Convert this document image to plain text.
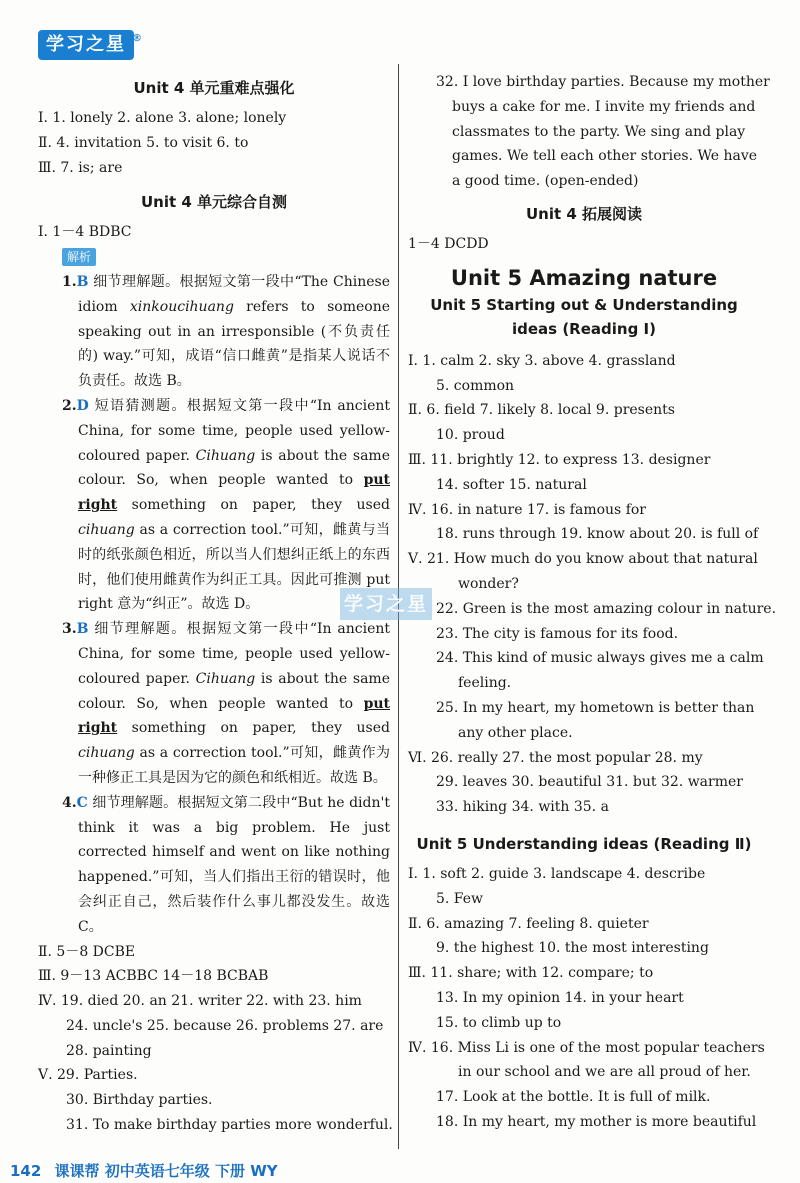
学习之星 ®
Unit 4 单元重难点强化
Ⅰ. 1. lonely 2. alone 3. alone; lonely
Ⅱ. 4. invitation 5. to visit 6. to
Ⅲ. 7. is; are
Unit 4 单元综合自测
Ⅰ. 1－4 BDBC
解析
1.B 细节理解题。根据短文第一段中“The Chinese idiom xinkoucihuang refers to someone speaking out in an irresponsible (不负责任的) way.”可知，成语“信口雌黄”是指某人说话不负责任。故选 B。
2.D 短语猜测题。根据短文第一段中“In ancient China, for some time, people used yellow-coloured paper. Cihuang is about the same colour. So, when people wanted to put right something on paper, they used cihuang as a correction tool.”可知，雌黄与当时的纸张颜色相近，所以当人们想纠正纸上的东西时，他们使用雌黄作为纠正工具。因此可推测 put right 意为“纠正”。故选 D。
3.B 细节理解题。根据短文第一段中“In ancient China, for some time, people used yellow-coloured paper. Cihuang is about the same colour. So, when people wanted to put right something on paper, they used cihuang as a correction tool.”可知，雌黄作为一种修正工具是因为它的颜色和纸相近。故选 B。
4.C 细节理解题。根据短文第二段中“But he didn't think it was a big problem. He just corrected himself and went on like nothing happened.”可知，当人们指出王衍的错误时，他会纠正自己，然后装作什么事儿都没发生。故选 C。
Ⅱ. 5－8 DCBE
Ⅲ. 9－13 ACBBC 14－18 BCBAB
Ⅳ. 19. died 20. an 21. writer 22. with 23. him
24. uncle's 25. because 26. problems 27. are
28. painting
Ⅴ. 29. Parties.
30. Birthday parties.
31. To make birthday parties more wonderful.
32. I love birthday parties. Because my mother
buys a cake for me. I invite my friends and
classmates to the party. We sing and play
games. We tell each other stories. We have
a good time. (open-ended)
Unit 4 拓展阅读
1－4 DCDD
Unit 5 Amazing nature
Unit 5 Starting out & Understanding
ideas (Reading Ⅰ)
Ⅰ. 1. calm 2. sky 3. above 4. grassland
5. common
Ⅱ. 6. field 7. likely 8. local 9. presents
10. proud
Ⅲ. 11. brightly 12. to express 13. designer
14. softer 15. natural
Ⅳ. 16. in nature 17. is famous for
18. runs through 19. know about 20. is full of
Ⅴ. 21. How much do you know about that natural
wonder?
22. Green is the most amazing colour in nature.
23. The city is famous for its food.
24. This kind of music always gives me a calm
feeling.
25. In my heart, my hometown is better than
any other place.
Ⅵ. 26. really 27. the most popular 28. my
29. leaves 30. beautiful 31. but 32. warmer
33. hiking 34. with 35. a
Unit 5 Understanding ideas (Reading Ⅱ)
Ⅰ. 1. soft 2. guide 3. landscape 4. describe
5. Few
Ⅱ. 6. amazing 7. feeling 8. quieter
9. the highest 10. the most interesting
Ⅲ. 11. share; with 12. compare; to
13. In my opinion 14. in your heart
15. to climb up to
Ⅳ. 16. Miss Li is one of the most popular teachers
in our school and we are all proud of her.
17. Look at the bottle. It is full of milk.
18. In my heart, my mother is more beautiful
学习之星
142 课课帮 初中英语七年级 下册 WY
